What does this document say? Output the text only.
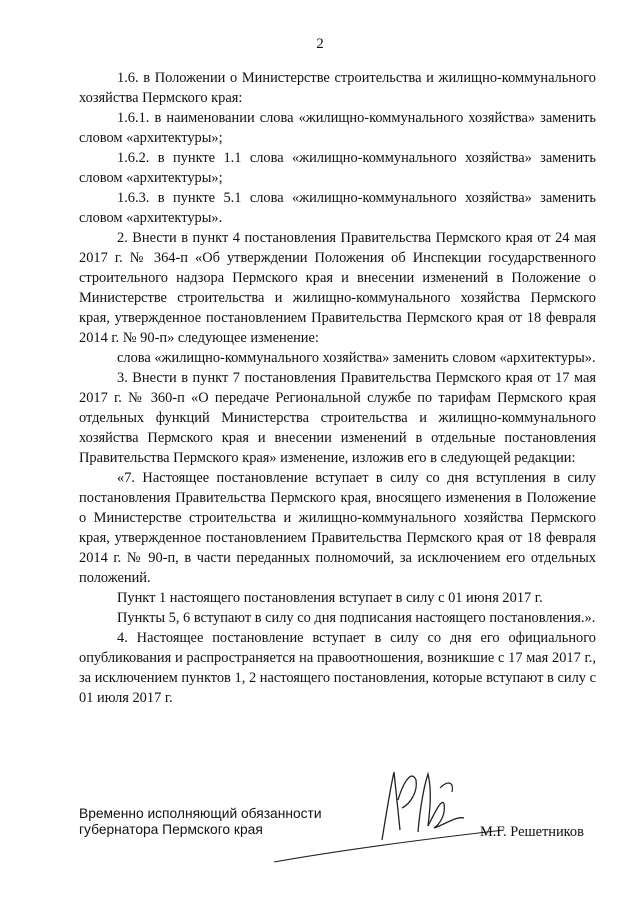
2

1.6. в Положении о Министерстве строительства и жилищно-коммунального хозяйства Пермского края:

1.6.1. в наименовании слова «жилищно-коммунального хозяйства» заменить словом «архитектуры»;

1.6.2. в пункте 1.1 слова «жилищно-коммунального хозяйства» заменить словом «архитектуры»;

1.6.3. в пункте 5.1 слова «жилищно-коммунального хозяйства» заменить словом «архитектуры».

2. Внести в пункт 4 постановления Правительства Пермского края от 24 мая 2017 г. № 364-п «Об утверждении Положения об Инспекции государственного строительного надзора Пермского края и внесении изменений в Положение о Министерстве строительства и жилищно-коммунального хозяйства Пермского края, утвержденное постановлением Правительства Пермского края от 18 февраля 2014 г. № 90-п» следующее изменение:

слова «жилищно-коммунального хозяйства» заменить словом «архитектуры».

3. Внести в пункт 7 постановления Правительства Пермского края от 17 мая 2017 г. № 360-п «О передаче Региональной службе по тарифам Пермского края отдельных функций Министерства строительства и жилищно-коммунального хозяйства Пермского края и внесении изменений в отдельные постановления Правительства Пермского края» изменение, изложив его в следующей редакции:

«7. Настоящее постановление вступает в силу со дня вступления в силу постановления Правительства Пермского края, вносящего изменения в Положение о Министерстве строительства и жилищно-коммунального хозяйства Пермского края, утвержденное постановлением Правительства Пермского края от 18 февраля 2014 г. № 90-п, в части переданных полномочий, за исключением его отдельных положений.

Пункт 1 настоящего постановления вступает в силу с 01 июня 2017 г.

Пункты 5, 6 вступают в силу со дня подписания настоящего постановления.».

4. Настоящее постановление вступает в силу со дня его официального опубликования и распространяется на правоотношения, возникшие с 17 мая 2017 г., за исключением пунктов 1, 2 настоящего постановления, которые вступают в силу с 01 июля 2017 г.

Временно исполняющий обязанности
губернатора Пермского края	М.Г. Решетников
